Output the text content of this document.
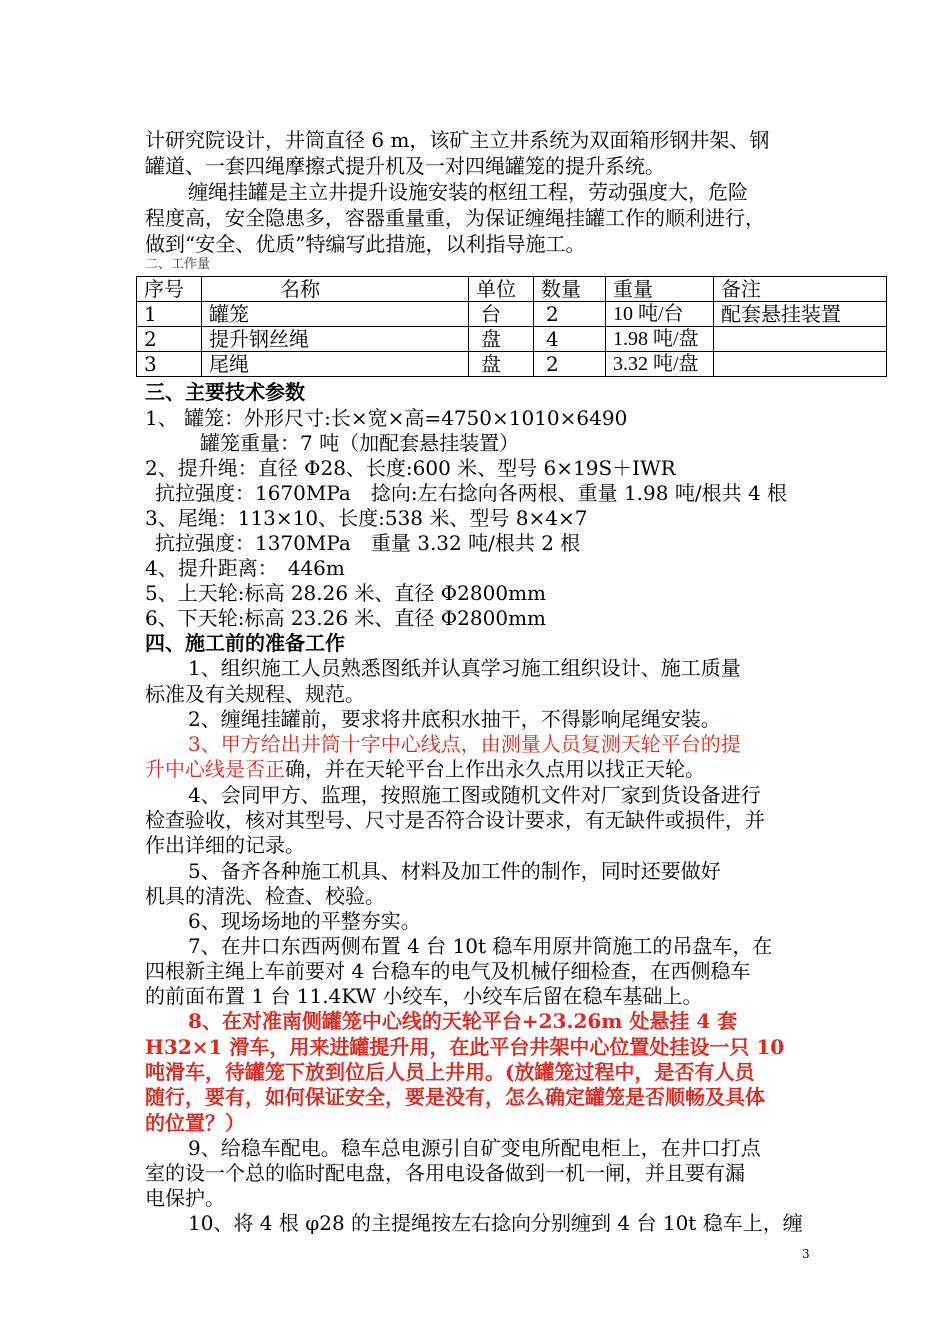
计研究院设计，井筒直径 6 m，该矿主立井系统为双面箱形钢井架、钢
罐道、一套四绳摩擦式提升机及一对四绳罐笼的提升系统。
缠绳挂罐是主立井提升设施安装的枢纽工程，劳动强度大，危险
程度高，安全隐患多，容器重量重，为保证缠绳挂罐工作的顺利进行，
做到“安全、优质”特编写此措施，以利指导施工。
二、工作量
序号	名称	单位	数量	重量	备注
1	罐笼	台	2	10 吨/台	配套悬挂装置
2	提升钢丝绳	盘	4	1.98 吨/盘	
3	尾绳	盘	2	3.32 吨/盘	
三、主要技术参数
1、 罐笼：外形尺寸:长×宽×高=4750×1010×6490
罐笼重量：7 吨（加配套悬挂装置）
2、提升绳：直径 Φ28、长度:600 米、型号 6×19S＋IWR
抗拉强度：1670MPa　捻向:左右捻向各两根、重量 1.98 吨/根共 4 根
3、尾绳：113×10、长度:538 米、型号 8×4×7
抗拉强度：1370MPa　重量 3.32 吨/根共 2 根
4、提升距离：　446m
5、上天轮:标高 28.26 米、直径 Φ2800mm
6、下天轮:标高 23.26 米、直径 Φ2800mm
四、施工前的准备工作
1、组织施工人员熟悉图纸并认真学习施工组织设计、施工质量
标准及有关规程、规范。
2、缠绳挂罐前，要求将井底积水抽干，不得影响尾绳安装。
3、甲方给出井筒十字中心线点，由测量人员复测天轮平台的提
升中心线是否正确，并在天轮平台上作出永久点用以找正天轮。
4、会同甲方、监理，按照施工图或随机文件对厂家到货设备进行
检查验收，核对其型号、尺寸是否符合设计要求，有无缺件或损件，并
作出详细的记录。
5、备齐各种施工机具、材料及加工件的制作，同时还要做好
机具的清洗、检查、校验。
6、现场场地的平整夯实。
7、在井口东西两侧布置 4 台 10t 稳车用原井筒施工的吊盘车，在
四根新主绳上车前要对 4 台稳车的电气及机械仔细检查，在西侧稳车
的前面布置 1 台 11.4KW 小绞车，小绞车后留在稳车基础上。
8、在对准南侧罐笼中心线的天轮平台+23.26m 处悬挂 4 套
H32×1 滑车，用来进罐提升用，在此平台井架中心位置处挂设一只 10
吨滑车，待罐笼下放到位后人员上井用。(放罐笼过程中，是否有人员
随行，要有，如何保证安全，要是没有，怎么确定罐笼是否顺畅及具体
的位置？）
9、给稳车配电。稳车总电源引自矿变电所配电柜上，在井口打点
室的设一个总的临时配电盘，各用电设备做到一机一闸，并且要有漏
电保护。
10、将 4 根 φ28 的主提绳按左右捻向分别缠到 4 台 10t 稳车上，缠
3
